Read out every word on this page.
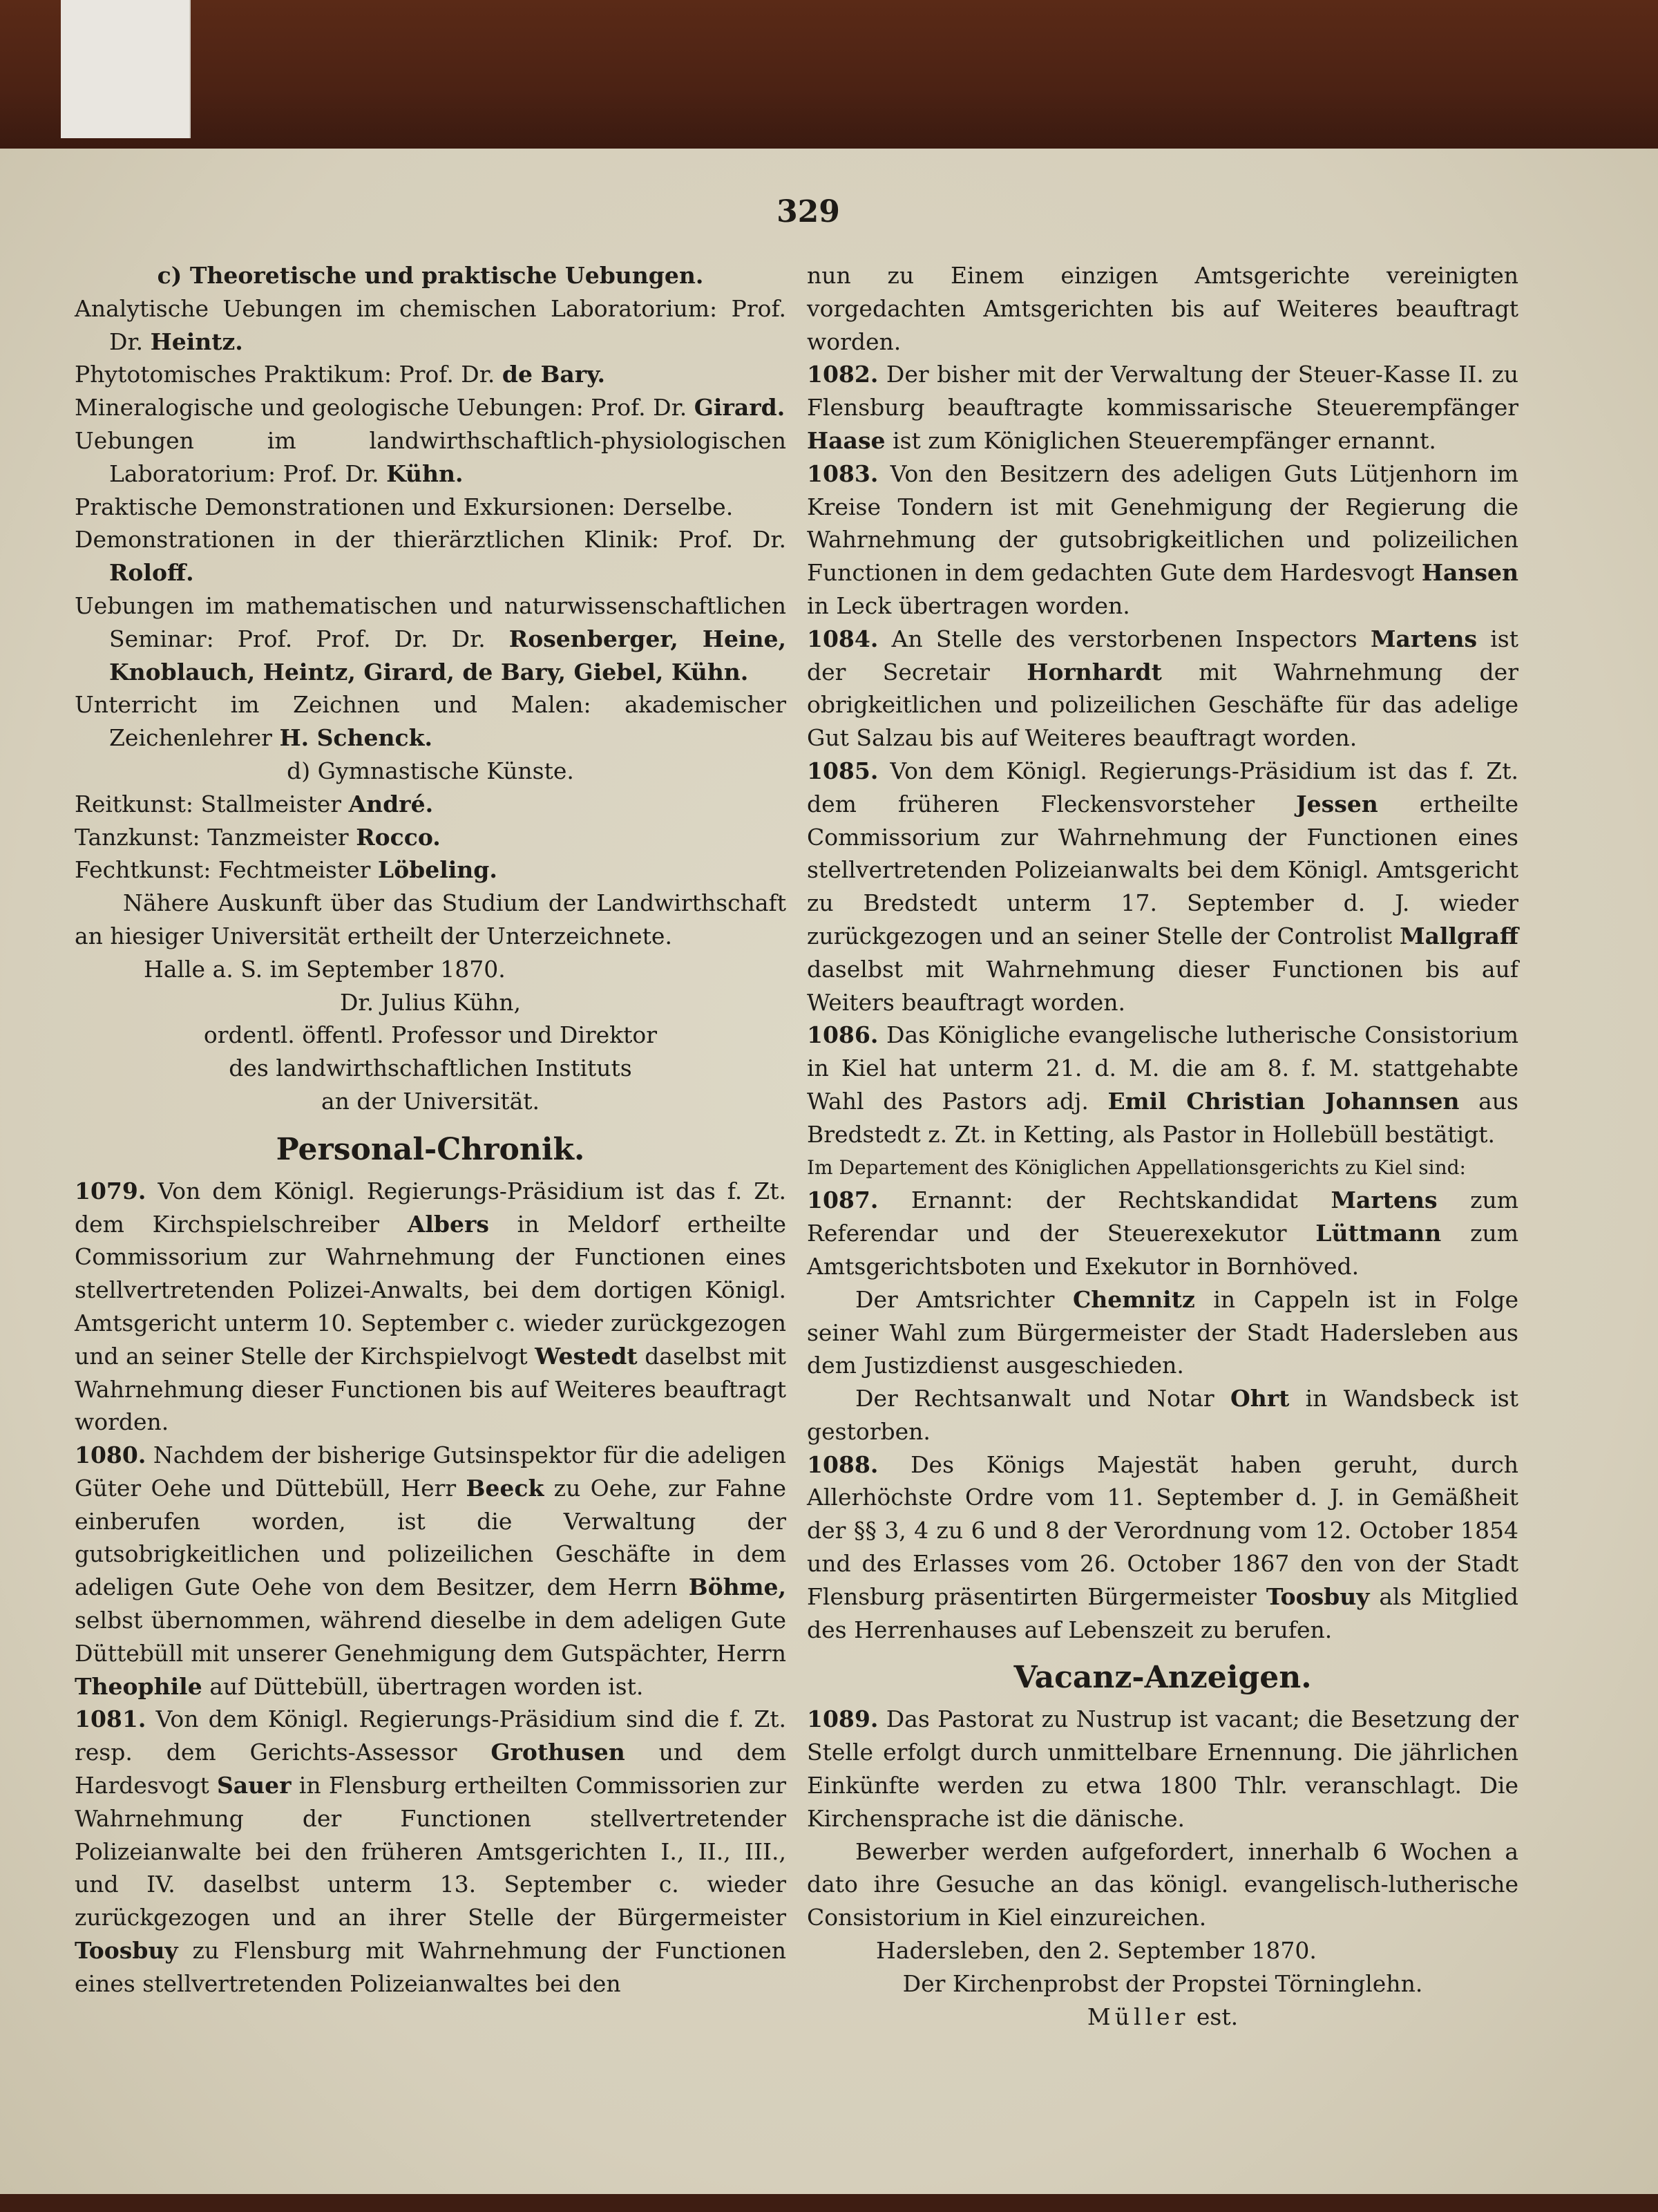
329

c) Theoretische und praktische Uebungen.

Analytische Uebungen im chemischen Laboratorium: Prof. Dr. Heintz.

Phytotomisches Praktikum: Prof. Dr. de Bary.

Mineralogische und geologische Uebungen: Prof. Dr. Girard.

Uebungen im landwirthschaftlich-physiologischen Laboratorium: Prof. Dr. Kühn.

Praktische Demonstrationen und Exkursionen: Derselbe.

Demonstrationen in der thierärztlichen Klinik: Prof. Dr. Roloff.

Uebungen im mathematischen und naturwissenschaftlichen Seminar: Prof. Prof. Dr. Dr. Rosenberger, Heine, Knoblauch, Heintz, Girard, de Bary, Giebel, Kühn.

Unterricht im Zeichnen und Malen: akademischer Zeichenlehrer H. Schenck.

d) Gymnastische Künste.

Reitkunst: Stallmeister André.

Tanzkunst: Tanzmeister Rocco.

Fechtkunst: Fechtmeister Löbeling.

Nähere Auskunft über das Studium der Landwirthschaft an hiesiger Universität ertheilt der Unterzeichnete.

Halle a. S. im September 1870.

Dr. Julius Kühn,

ordentl. öffentl. Professor und Direktor

des landwirthschaftlichen Instituts

an der Universität.

Personal-Chronik.

1079. Von dem Königl. Regierungs-Präsidium ist das f. Zt. dem Kirchspielschreiber Albers in Meldorf ertheilte Commissorium zur Wahrnehmung der Functionen eines stellvertretenden Polizei-Anwalts, bei dem dortigen Königl. Amtsgericht unterm 10. September c. wieder zurückgezogen und an seiner Stelle der Kirchspielvogt Westedt daselbst mit Wahrnehmung dieser Functionen bis auf Weiteres beauftragt worden.

1080. Nachdem der bisherige Gutsinspektor für die adeligen Güter Oehe und Düttebüll, Herr Beeck zu Oehe, zur Fahne einberufen worden, ist die Verwaltung der gutsobrigkeitlichen und polizeilichen Geschäfte in dem adeligen Gute Oehe von dem Besitzer, dem Herrn Böhme, selbst übernommen, während dieselbe in dem adeligen Gute Düttebüll mit unserer Genehmigung dem Gutspächter, Herrn Theophile auf Düttebüll, übertragen worden ist.

1081. Von dem Königl. Regierungs-Präsidium sind die f. Zt. resp. dem Gerichts-Assessor Grothusen und dem Hardesvogt Sauer in Flensburg ertheilten Commissorien zur Wahrnehmung der Functionen stellvertretender Polizeianwalte bei den früheren Amtsgerichten I., II., III., und IV. daselbst unterm 13. September c. wieder zurückgezogen und an ihrer Stelle der Bürgermeister Toosbuy zu Flensburg mit Wahrnehmung der Functionen eines stellvertretenden Polizeianwaltes bei den

nun zu Einem einzigen Amtsgerichte vereinigten vorgedachten Amtsgerichten bis auf Weiteres beauftragt worden.

1082. Der bisher mit der Verwaltung der Steuer-Kasse II. zu Flensburg beauftragte kommissarische Steuerempfänger Haase ist zum Königlichen Steuerempfänger ernannt.

1083. Von den Besitzern des adeligen Guts Lütjenhorn im Kreise Tondern ist mit Genehmigung der Regierung die Wahrnehmung der gutsobrigkeitlichen und polizeilichen Functionen in dem gedachten Gute dem Hardesvogt Hansen in Leck übertragen worden.

1084. An Stelle des verstorbenen Inspectors Martens ist der Secretair Hornhardt mit Wahrnehmung der obrigkeitlichen und polizeilichen Geschäfte für das adelige Gut Salzau bis auf Weiteres beauftragt worden.

1085. Von dem Königl. Regierungs-Präsidium ist das f. Zt. dem früheren Fleckensvorsteher Jessen ertheilte Commissorium zur Wahrnehmung der Functionen eines stellvertretenden Polizeianwalts bei dem Königl. Amtsgericht zu Bredstedt unterm 17. September d. J. wieder zurückgezogen und an seiner Stelle der Controlist Mallgraff daselbst mit Wahrnehmung dieser Functionen bis auf Weiters beauftragt worden.

1086. Das Königliche evangelische lutherische Consistorium in Kiel hat unterm 21. d. M. die am 8. f. M. stattgehabte Wahl des Pastors adj. Emil Christian Johannsen aus Bredstedt z. Zt. in Ketting, als Pastor in Hollebüll bestätigt.

Im Departement des Königlichen Appellationsgerichts zu Kiel sind:

1087. Ernannt: der Rechtskandidat Martens zum Referendar und der Steuerexekutor Lüttmann zum Amtsgerichtsboten und Exekutor in Bornhöved.

Der Amtsrichter Chemnitz in Cappeln ist in Folge seiner Wahl zum Bürgermeister der Stadt Hadersleben aus dem Justizdienst ausgeschieden.

Der Rechtsanwalt und Notar Ohrt in Wandsbeck ist gestorben.

1088. Des Königs Majestät haben geruht, durch Allerhöchste Ordre vom 11. September d. J. in Gemäßheit der §§ 3, 4 zu 6 und 8 der Verordnung vom 12. October 1854 und des Erlasses vom 26. October 1867 den von der Stadt Flensburg präsentirten Bürgermeister Toosbuy als Mitglied des Herrenhauses auf Lebenszeit zu berufen.

Vacanz-Anzeigen.

1089. Das Pastorat zu Nustrup ist vacant; die Besetzung der Stelle erfolgt durch unmittelbare Ernennung. Die jährlichen Einkünfte werden zu etwa 1800 Thlr. veranschlagt. Die Kirchensprache ist die dänische.

Bewerber werden aufgefordert, innerhalb 6 Wochen a dato ihre Gesuche an das königl. evangelisch-lutherische Consistorium in Kiel einzureichen.

Hadersleben, den 2. September 1870.

Der Kirchenprobst der Propstei Törninglehn.

Müller est.
